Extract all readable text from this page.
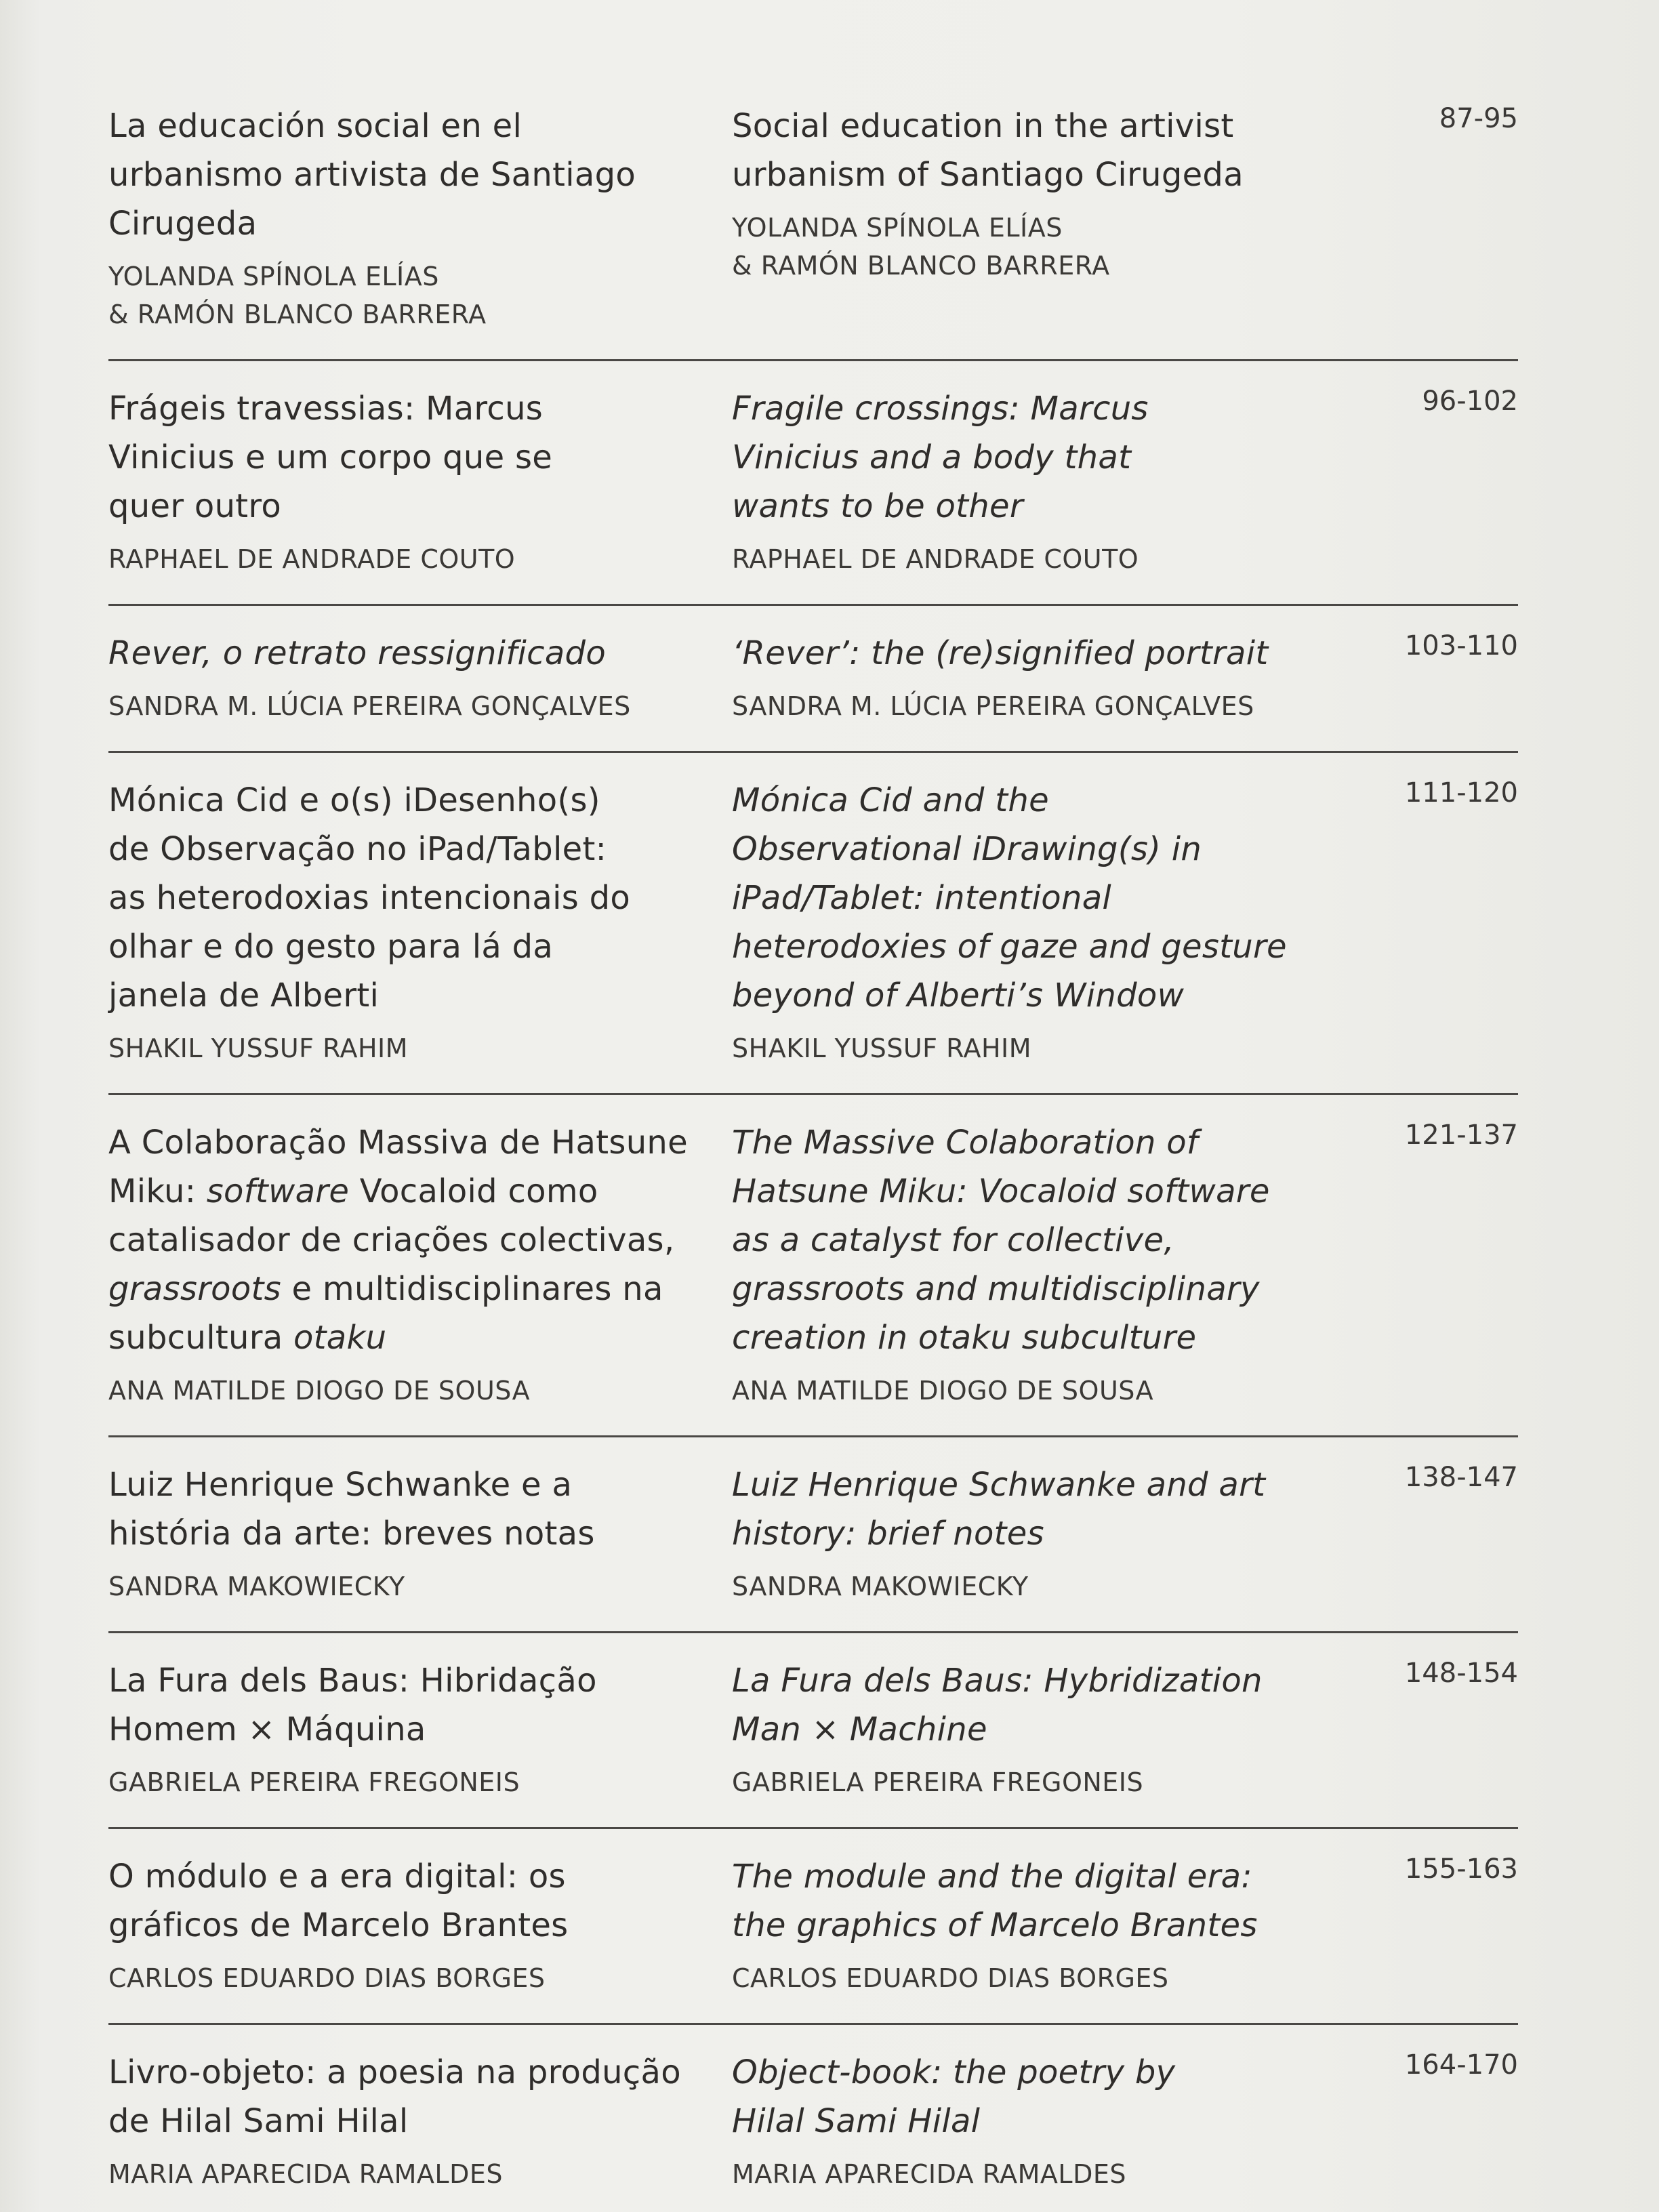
La educación social en el urbanismo artivista de Santiago Cirugeda

YOLANDA SPÍNOLA ELÍAS
& RAMÓN BLANCO BARRERA

Social education in the artivist urbanism of Santiago Cirugeda

YOLANDA SPÍNOLA ELÍAS
& RAMÓN BLANCO BARRERA
87-95

Frágeis travessias: Marcus Vinicius e um corpo que se quer outro

RAPHAEL DE ANDRADE COUTO

Fragile crossings: Marcus Vinicius and a body that wants to be other

RAPHAEL DE ANDRADE COUTO
96-102

Rever, o retrato ressignificado

SANDRA M. LÚCIA PEREIRA GONÇALVES

‘Rever’: the (re)signified portrait

SANDRA M. LÚCIA PEREIRA GONÇALVES
103-110

Mónica Cid e o(s) iDesenho(s) de Observação no iPad/Tablet: as heterodoxias intencionais do olhar e do gesto para lá da janela de Alberti

SHAKIL YUSSUF RAHIM

Mónica Cid and the Observational iDrawing(s) in iPad/Tablet: intentional heterodoxies of gaze and gesture beyond of Alberti’s Window

SHAKIL YUSSUF RAHIM
111-120

A Colaboração Massiva de Hatsune Miku: software Vocaloid como catalisador de criações colectivas, grassroots e multidisciplinares na subcultura otaku

ANA MATILDE DIOGO DE SOUSA

The Massive Colaboration of Hatsune Miku: Vocaloid software as a catalyst for collective, grassroots and multidisciplinary creation in otaku subculture

ANA MATILDE DIOGO DE SOUSA
121-137

Luiz Henrique Schwanke e a história da arte: breves notas

SANDRA MAKOWIECKY

Luiz Henrique Schwanke and art history: brief notes

SANDRA MAKOWIECKY
138-147

La Fura dels Baus: Hibridação Homem × Máquina

GABRIELA PEREIRA FREGONEIS

La Fura dels Baus: Hybridization Man × Machine

GABRIELA PEREIRA FREGONEIS
148-154

O módulo e a era digital: os gráficos de Marcelo Brantes

CARLOS EDUARDO DIAS BORGES

The module and the digital era: the graphics of Marcelo Brantes

CARLOS EDUARDO DIAS BORGES
155-163

Livro-objeto: a poesia na produção de Hilal Sami Hilal

MARIA APARECIDA RAMALDES

Object-book: the poetry by Hilal Sami Hilal

MARIA APARECIDA RAMALDES
164-170
